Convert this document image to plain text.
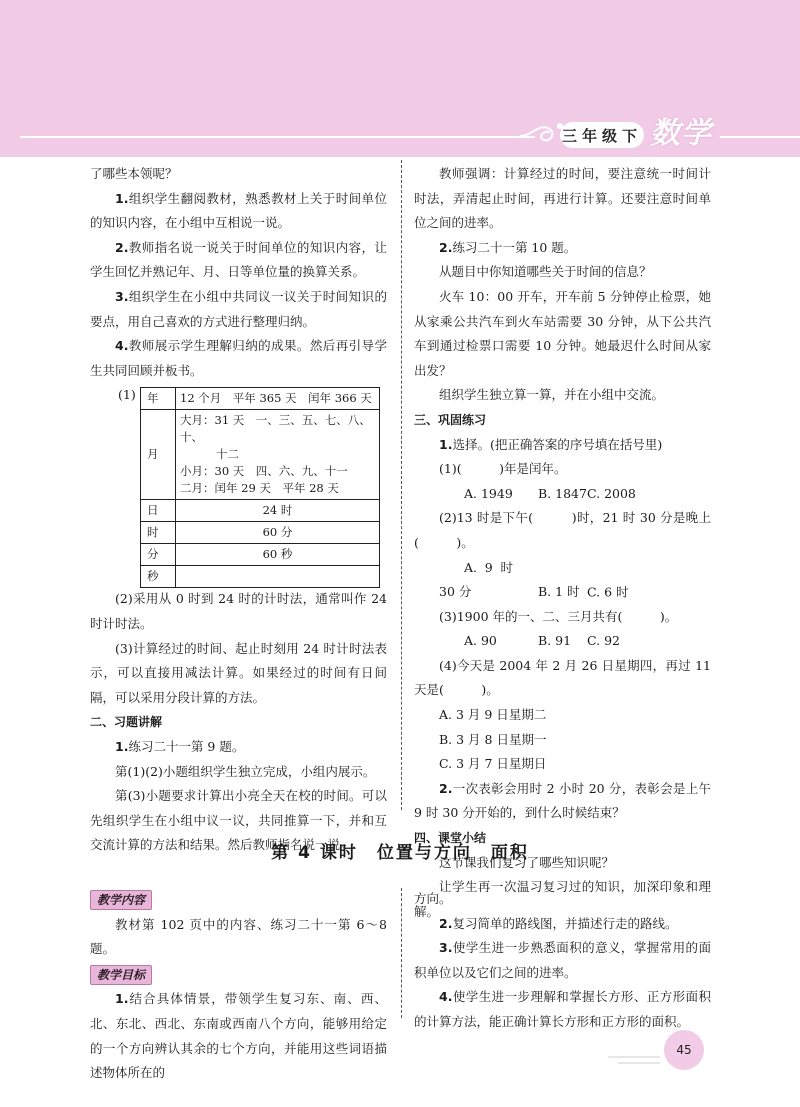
三年级下 数学

了哪些本领呢？

1.组织学生翻阅教材，熟悉教材上关于时间单位的知识内容，在小组中互相说一说。

2.教师指名说一说关于时间单位的知识内容，让学生回忆并熟记年、月、日等单位量的换算关系。

3.组织学生在小组中共同议一议关于时间知识的要点，用自己喜欢的方式进行整理归纳。

4.教师展示学生理解归纳的成果。然后再引导学生共同回顾并板书。

(1) 年	12 个月　平年 365 天　闰年 366 天
月	大月：31 天　一、三、五、七、八、十、
十二
小月：30 天　四、六、九、十一
二月：闰年 29 天　平年 28 天

日	24 时
时	60 分
分	60 秒
秒	

(2)采用从 0 时到 24 时的计时法，通常叫作 24 时计时法。

(3)计算经过的时间、起止时刻用 24 时计时法表示，可以直接用减法计算。如果经过的时间有日间隔，可以采用分段计算的方法。

二、习题讲解

1.练习二十一第 9 题。

第(1)(2)小题组织学生独立完成，小组内展示。

第(3)小题要求计算出小亮全天在校的时间。可以先组织学生在小组中议一议，共同推算一下，并和互交流计算的方法和结果。然后教师指名说一说。

教师强调：计算经过的时间，要注意统一时间计时法，弄清起止时间，再进行计算。还要注意时间单位之间的进率。

2.练习二十一第 10 题。

从题目中你知道哪些关于时间的信息？

火车 10：00 开车，开车前 5 分钟停止检票，她从家乘公共汽车到火车站需要 30 分钟，从下公共汽车到通过检票口需要 10 分钟。她最迟什么时间从家出发？

组织学生独立算一算，并在小组中交流。

三、巩固练习

1.选择。(把正确答案的序号填在括号里)

(1)(　　　)年是闰年。

A. 1949 B. 1847C. 2008

(2)13 时是下午(　　　)时，21 时 30 分是晚上(　　　)。

A. 9 时 30 分	B. 1 时 C. 6 时

(3)1900 年的一、二、三月共有(　　　)。

A. 90	B. 91 C. 92

(4)今天是 2004 年 2 月 26 日星期四，再过 11 天是(　　　)。

A. 3 月 9 日星期二

B. 3 月 8 日星期一

C. 3 月 7 日星期日

2.一次表彰会用时 2 小时 20 分，表彰会是上午 9 时 30 分开始的，到什么时候结束？

四、课堂小结

这节课我们复习了哪些知识呢？

让学生再一次温习复习过的知识，加深印象和理解。

第 4 课时　位置与方向　面积
教学内容

教材第 102 页中的内容、练习二十一第 6～8 题。

教学目标

1.结合具体情景，带领学生复习东、南、西、北、东北、西北、东南或西南八个方向，能够用给定的一个方向辨认其余的七个方向，并能用这些词语描述物体所在的

方向。

2.复习简单的路线图，并描述行走的路线。

3.使学生进一步熟悉面积的意义，掌握常用的面积单位以及它们之间的进率。

4.使学生进一步理解和掌握长方形、正方形面积的计算方法，能正确计算长方形和正方形的面积。

45
